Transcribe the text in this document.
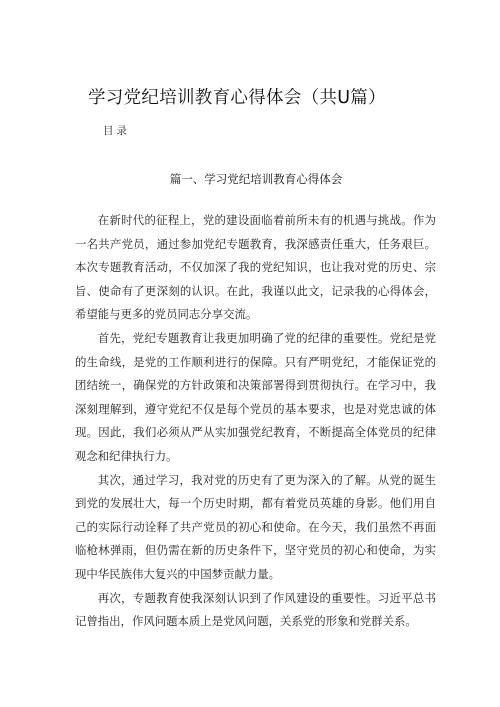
学习党纪培训教育心得体会（共U篇）
目录
篇一、学习党纪培训教育心得体会

在新时代的征程上，党的建设面临着前所未有的机遇与挑战。作为一名共产党员，通过参加党纪专题教育，我深感责任重大，任务艰巨。本次专题教育活动，不仅加深了我的党纪知识，也让我对党的历史、宗旨、使命有了更深刻的认识。在此，我谨以此文，记录我的心得体会，希望能与更多的党员同志分享交流。

首先，党纪专题教育让我更加明确了党的纪律的重要性。党纪是党的生命线，是党的工作顺利进行的保障。只有严明党纪，才能保证党的团结统一，确保党的方针政策和决策部署得到贯彻执行。在学习中，我深刻理解到，遵守党纪不仅是每个党员的基本要求，也是对党忠诚的体现。因此，我们必须从严从实加强党纪教育，不断提高全体党员的纪律观念和纪律执行力。

其次，通过学习，我对党的历史有了更为深入的了解。从党的诞生到党的发展壮大，每一个历史时期，都有着党员英雄的身影。他们用自己的实际行动诠释了共产党员的初心和使命。在今天，我们虽然不再面临枪林弹雨，但仍需在新的历史条件下，坚守党员的初心和使命，为实现中华民族伟大复兴的中国梦贡献力量。

再次，专题教育使我深刻认识到了作风建设的重要性。习近平总书记曾指出，作风问题本质上是党风问题，关系党的形象和党群关系。
